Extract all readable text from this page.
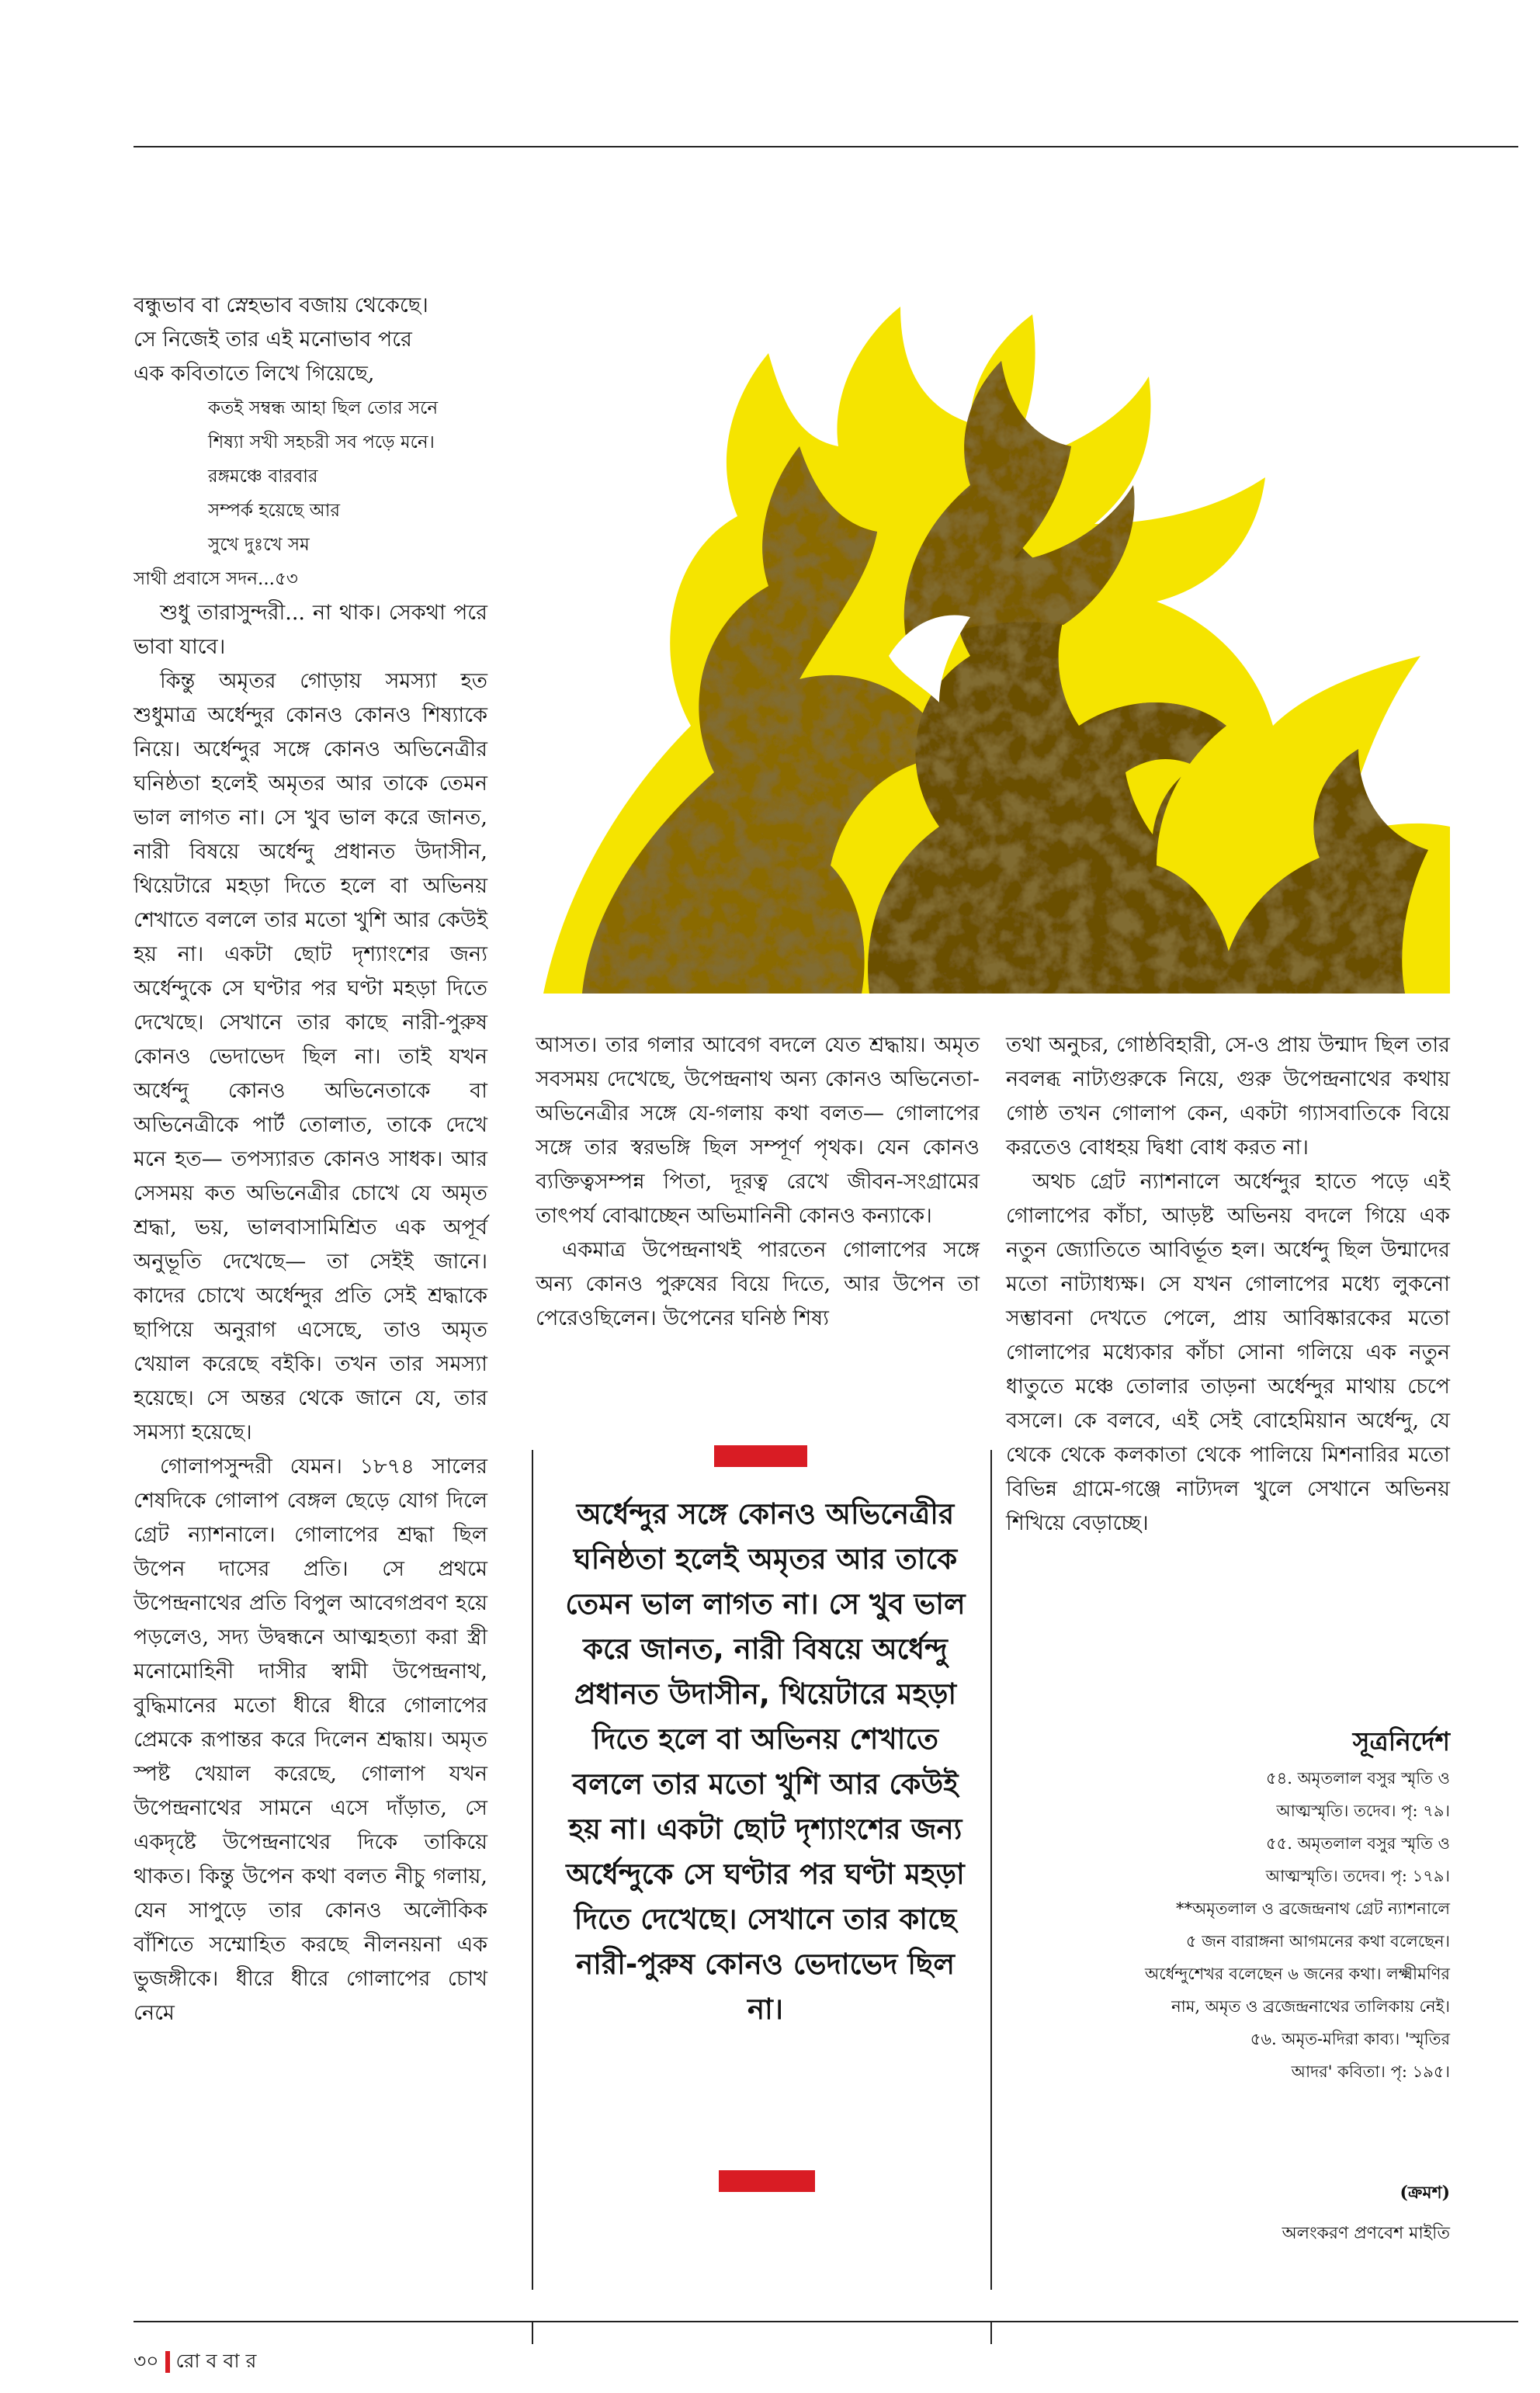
বন্ধুভাব বা স্নেহভাব বজায় থেকেছে।
সে নিজেই তার এই মনোভাব পরে
এক কবিতাতে লিখে গিয়েছে,
কতই সম্বন্ধ আহা ছিল তোর সনে
শিষ্যা সখী সহচরী সব পড়ে মনে।
রঙ্গমঞ্চে বারবার
সম্পর্ক হয়েছে আর
সুখে দুঃখে সম
সাথী প্রবাসে সদন...৫৩

শুধু তারাসুন্দরী... না থাক। সেকথা পরে ভাবা যাবে।

কিন্তু অমৃতর গোড়ায় সমস্যা হত শুধুমাত্র অর্ধেন্দুর কোনও কোনও শিষ্যাকে নিয়ে। অর্ধেন্দুর সঙ্গে কোনও অভিনেত্রীর ঘনিষ্ঠতা হলেই অমৃতর আর তাকে তেমন ভাল লাগত না। সে খুব ভাল করে জানত, নারী বিষয়ে অর্ধেন্দু প্রধানত উদাসীন, থিয়েটারে মহড়া দিতে হলে বা অভিনয় শেখাতে বললে তার মতো খুশি আর কেউই হয় না। একটা ছোট দৃশ্যাংশের জন্য অর্ধেন্দুকে সে ঘণ্টার পর ঘণ্টা মহড়া দিতে দেখেছে। সেখানে তার কাছে নারী-পুরুষ কোনও ভেদাভেদ ছিল না। তাই যখন অর্ধেন্দু কোনও অভিনেতাকে বা অভিনেত্রীকে পার্ট তোলাত, তাকে দেখে মনে হত— তপস্যারত কোনও সাধক। আর সেসময় কত অভিনেত্রীর চোখে যে অমৃত শ্রদ্ধা, ভয়, ভালবাসামিশ্রিত এক অপূর্ব অনুভূতি দেখেছে— তা সেইই জানে। কাদের চোখে অর্ধেন্দুর প্রতি সেই শ্রদ্ধাকে ছাপিয়ে অনুরাগ এসেছে, তাও অমৃত খেয়াল করেছে বইকি। তখন তার সমস্যা হয়েছে। সে অন্তর থেকে জানে যে, তার সমস্যা হয়েছে।

গোলাপসুন্দরী যেমন। ১৮৭৪ সালের শেষদিকে গোলাপ বেঙ্গল ছেড়ে যোগ দিলে গ্রেট ন্যাশনালে। গোলাপের শ্রদ্ধা ছিল উপেন দাসের প্রতি। সে প্রথমে উপেন্দ্রনাথের প্রতি বিপুল আবেগপ্রবণ হয়ে পড়লেও, সদ্য উদ্বন্ধনে আত্মহত্যা করা স্ত্রী মনোমোহিনী দাসীর স্বামী উপেন্দ্রনাথ, বুদ্ধিমানের মতো ধীরে ধীরে গোলাপের প্রেমকে রূপান্তর করে দিলেন শ্রদ্ধায়। অমৃত স্পষ্ট খেয়াল করেছে, গোলাপ যখন উপেন্দ্রনাথের সামনে এসে দাঁড়াত, সে একদৃষ্টে উপেন্দ্রনাথের দিকে তাকিয়ে থাকত। কিন্তু উপেন কথা বলত নীচু গলায়, যেন সাপুড়ে তার কোনও অলৌকিক বাঁশিতে সম্মোহিত করছে নীলনয়না এক ভুজঙ্গীকে। ধীরে ধীরে গোলাপের চোখ নেমে

আসত। তার গলার আবেগ বদলে যেত শ্রদ্ধায়। অমৃত সবসময় দেখেছে, উপেন্দ্রনাথ অন্য কোনও অভিনেতা-অভিনেত্রীর সঙ্গে যে-গলায় কথা বলত— গোলাপের সঙ্গে তার স্বরভঙ্গি ছিল সম্পূর্ণ পৃথক। যেন কোনও ব্যক্তিত্বসম্পন্ন পিতা, দূরত্ব রেখে জীবন-সংগ্রামের তাৎপর্য বোঝাচ্ছেন অভিমানিনী কোনও কন্যাকে।

একমাত্র উপেন্দ্রনাথই পারতেন গোলাপের সঙ্গে অন্য কোনও পুরুষের বিয়ে দিতে, আর উপেন তা পেরেওছিলেন। উপেনের ঘনিষ্ঠ শিষ্য

অর্ধেন্দুর সঙ্গে কোনও অভিনেত্রীর ঘনিষ্ঠতা হলেই অমৃতর আর তাকে তেমন ভাল লাগত না। সে খুব ভাল করে জানত, নারী বিষয়ে অর্ধেন্দু প্রধানত উদাসীন, থিয়েটারে মহড়া দিতে হলে বা অভিনয় শেখাতে বললে তার মতো খুশি আর কেউই হয় না। একটা ছোট দৃশ্যাংশের জন্য অর্ধেন্দুকে সে ঘণ্টার পর ঘণ্টা মহড়া দিতে দেখেছে। সেখানে তার কাছে নারী-পুরুষ কোনও ভেদাভেদ ছিল না।

তথা অনুচর, গোষ্ঠবিহারী, সে-ও প্রায় উন্মাদ ছিল তার নবলব্ধ নাট্যগুরুকে নিয়ে, গুরু উপেন্দ্রনাথের কথায় গোষ্ঠ তখন গোলাপ কেন, একটা গ্যাসবাতিকে বিয়ে করতেও বোধহয় দ্বিধা বোধ করত না।

অথচ গ্রেট ন্যাশনালে অর্ধেন্দুর হাতে পড়ে এই গোলাপের কাঁচা, আড়ষ্ট অভিনয় বদলে গিয়ে এক নতুন জ্যোতিতে আবির্ভূত হল। অর্ধেন্দু ছিল উন্মাদের মতো নাট্যাধ্যক্ষ। সে যখন গোলাপের মধ্যে লুকনো সম্ভাবনা দেখতে পেলে, প্রায় আবিষ্কারকের মতো গোলাপের মধ্যেকার কাঁচা সোনা গলিয়ে এক নতুন ধাতুতে মঞ্চে তোলার তাড়না অর্ধেন্দুর মাথায় চেপে বসলে। কে বলবে, এই সেই বোহেমিয়ান অর্ধেন্দু, যে থেকে থেকে কলকাতা থেকে পালিয়ে মিশনারির মতো বিভিন্ন গ্রামে-গঞ্জে নাট্যদল খুলে সেখানে অভিনয় শিখিয়ে বেড়াচ্ছে।

সূত্রনির্দেশ
৫৪. অমৃতলাল বসুর স্মৃতি ও
আত্মস্মৃতি। তদেব। পৃ: ৭৯।
৫৫. অমৃতলাল বসুর স্মৃতি ও
আত্মস্মৃতি। তদেব। পৃ: ১৭৯।
**অমৃতলাল ও ব্রজেন্দ্রনাথ গ্রেট ন্যাশনালে
৫ জন বারাঙ্গনা আগমনের কথা বলেছেন।
অর্ধেন্দুশেখর বলেছেন ৬ জনের কথা। লক্ষ্মীমণির
নাম, অমৃত ও ব্রজেন্দ্রনাথের তালিকায় নেই।
৫৬. অমৃত-মদিরা কাব্য। 'স্মৃতির
আদর' কবিতা। পৃ: ১৯৫।
(ক্রমশ)
অলংকরণ প্রণবেশ মাইতি
৩০ রো ব বা র
